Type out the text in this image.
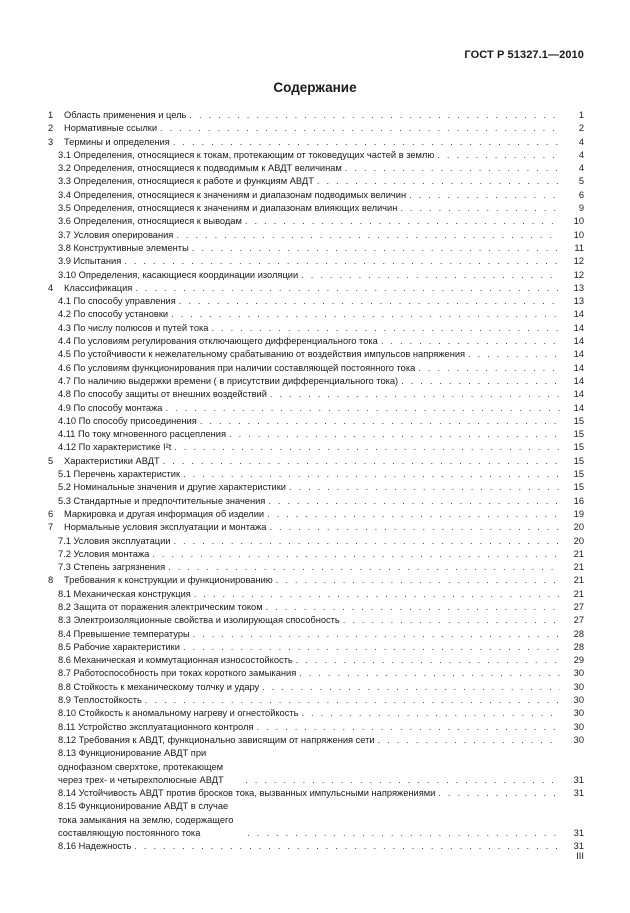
ГОСТ Р 51327.1—2010
Содержание
1	Область применения и цель . . .	1
2	Нормативные ссылки . . .	2
3	Термины и определения . . .	4
3.1 Определения, относящиеся к токам, протекающим от токоведущих частей в землю . . .	4
3.2 Определения, относящиеся к подводимым к АВДТ величинам . . .	4
3.3 Определения, относящиеся к работе и функциям АВДТ . . .	5
3.4 Определения, относящиеся к значениям и диапазонам подводимых величин . . .	6
3.5 Определения, относящиеся к значениям и диапазонам влияющих величин . . .	9
3.6 Определения, относящиеся к выводам . . .	10
3.7 Условия оперирования . . .	10
3.8 Конструктивные элементы . . .	11
3.9 Испытания . . .	12
3.10 Определения, касающиеся координации изоляции . . .	12
4	Классификация . . .	13
4.1 По способу управления . . .	13
4.2 По способу установки . . .	14
4.3 По числу полюсов и путей тока . . .	14
4.4 По условиям регулирования отключающего дифференциального тока . . .	14
4.5 По устойчивости к нежелательному срабатыванию от воздействия импульсов напряжения . . .	14
4.6 По условиям функционирования при наличии составляющей постоянного тока . . .	14
4.7 По наличию выдержки времени ( в присутствии дифференциального тока) . . .	14
4.8 По способу защиты от внешних воздействий . . .	14
4.9 По способу монтажа . . .	14
4.10 По способу присоединения . . .	15
4.11 По току мгновенного расцепления . . .	15
4.12 По характеристике I²t . . .	15
5	Характеристики АВДТ . . .	15
5.1 Перечень характеристик . . .	15
5.2 Номинальные значения и другие характеристики . . .	15
5.3 Стандартные и предпочтительные значения . . .	16
6	Маркировка и другая информация об изделии . . .	19
7	Нормальные условия эксплуатации и монтажа . . .	20
7.1 Условия эксплуатации . . .	20
7.2 Условия монтажа . . .	21
7.3 Степень загрязнения . . .	21
8	Требования к конструкции и функционированию . . .	21
8.1 Механическая конструкция . . .	21
8.2 Защита от поражения электрическим током . . .	27
8.3 Электроизоляционные свойства и изолирующая способность . . .	27
8.4 Превышение температуры . . .	28
8.5 Рабочие характеристики . . .	28
8.6 Механическая и коммутационная износостойкость . . .	29
8.7 Работоспособность при токах короткого замыкания . . .	30
8.8 Стойкость к механическому толчку и удару . . .	30
8.9 Теплостойкость . . .	30
8.10 Стойкость к аномальному нагреву и огнестойкость . . .	30
8.11 Устройство эксплуатационного контроля . . .	30
8.12 Требования к АВДТ, функционально зависящим от напряжения сети . . .	30
8.13 Функционирование АВДТ при однофазном сверхтоке, протекающем через трех- и четырехполюсные АВДТ . . .	31
8.14 Устойчивость АВДТ против бросков тока, вызванных импульсными напряжениями . . .	31
8.15 Функционирование АВДТ в случае тока замыкания на землю, содержащего составляющую постоянного тока . . .	31
8.16 Надежность . . .	31
III
